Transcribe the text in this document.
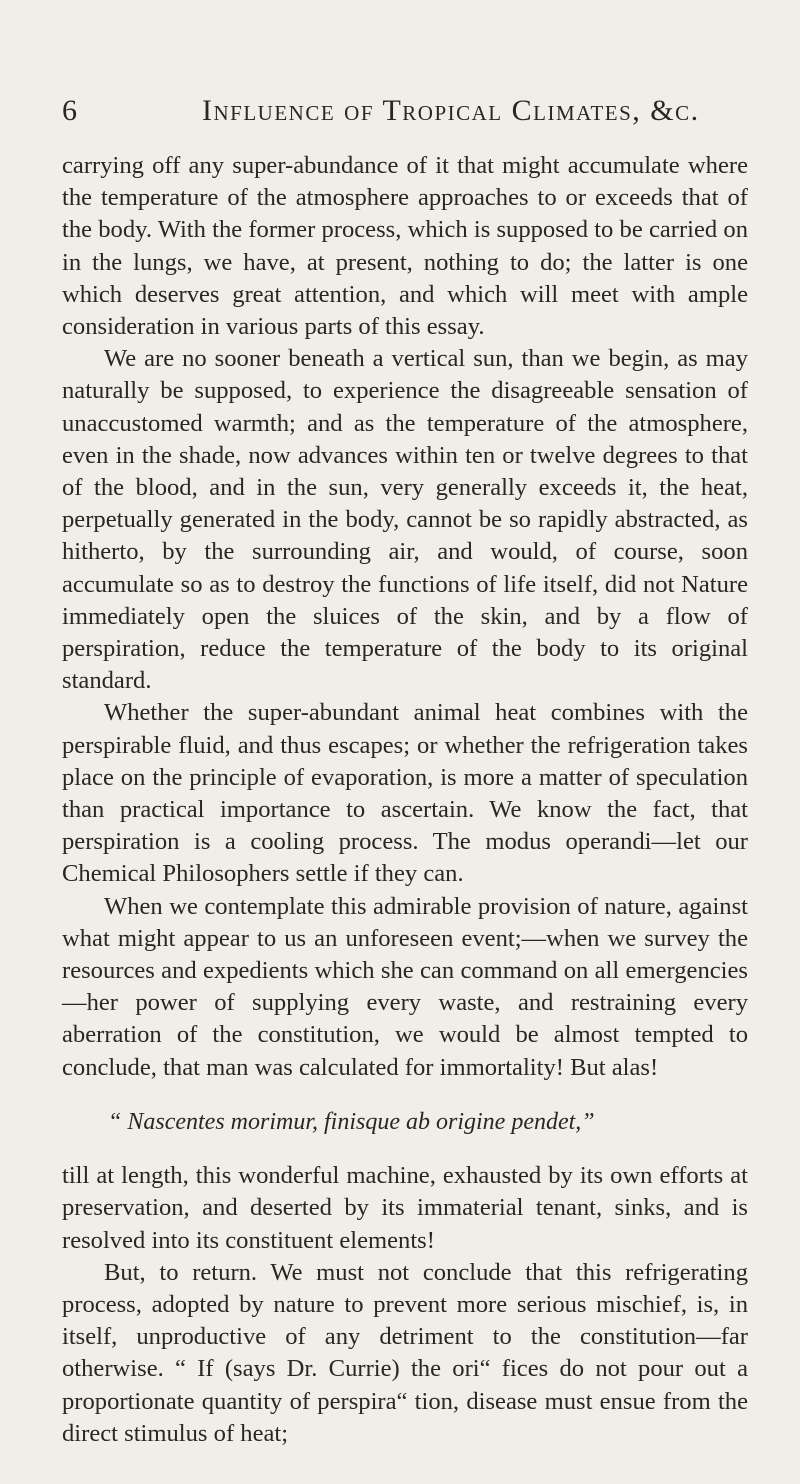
6	Influence of Tropical Climates, &c.

carrying off any super-abundance of it that might accumulate where the temperature of the atmosphere approaches to or exceeds that of the body. With the former process, which is supposed to be carried on in the lungs, we have, at present, nothing to do; the latter is one which deserves great attention, and which will meet with ample consideration in various parts of this essay.

We are no sooner beneath a vertical sun, than we begin, as may naturally be supposed, to experience the disagreeable sensation of unaccustomed warmth; and as the temperature of the atmosphere, even in the shade, now advances within ten or twelve degrees to that of the blood, and in the sun, very generally exceeds it, the heat, perpetually generated in the body, cannot be so rapidly abstracted, as hitherto, by the surrounding air, and would, of course, soon accumulate so as to destroy the functions of life itself, did not Nature immediately open the sluices of the skin, and by a flow of perspiration, reduce the temperature of the body to its original standard.

Whether the super-abundant animal heat combines with the perspirable fluid, and thus escapes; or whether the refrigeration takes place on the principle of evaporation, is more a matter of speculation than practical importance to ascertain. We know the fact, that perspiration is a cooling process. The modus operandi—let our Chemical Philosophers settle if they can.

When we contemplate this admirable provision of nature, against what might appear to us an unforeseen event;—when we survey the resources and expedients which she can command on all emergencies—her power of supplying every waste, and restraining every aberration of the constitution, we would be almost tempted to conclude, that man was calculated for immortality! But alas!

“ Nascentes morimur, finisque ab origine pendet,”

till at length, this wonderful machine, exhausted by its own efforts at preservation, and deserted by its immaterial tenant, sinks, and is resolved into its constituent elements!

But, to return. We must not conclude that this refrigerating process, adopted by nature to prevent more serious mischief, is, in itself, unproductive of any detriment to the constitution—far otherwise. “ If (says Dr. Currie) the ori“ fices do not pour out a proportionate quantity of perspira“ tion, disease must ensue from the direct stimulus of heat;
